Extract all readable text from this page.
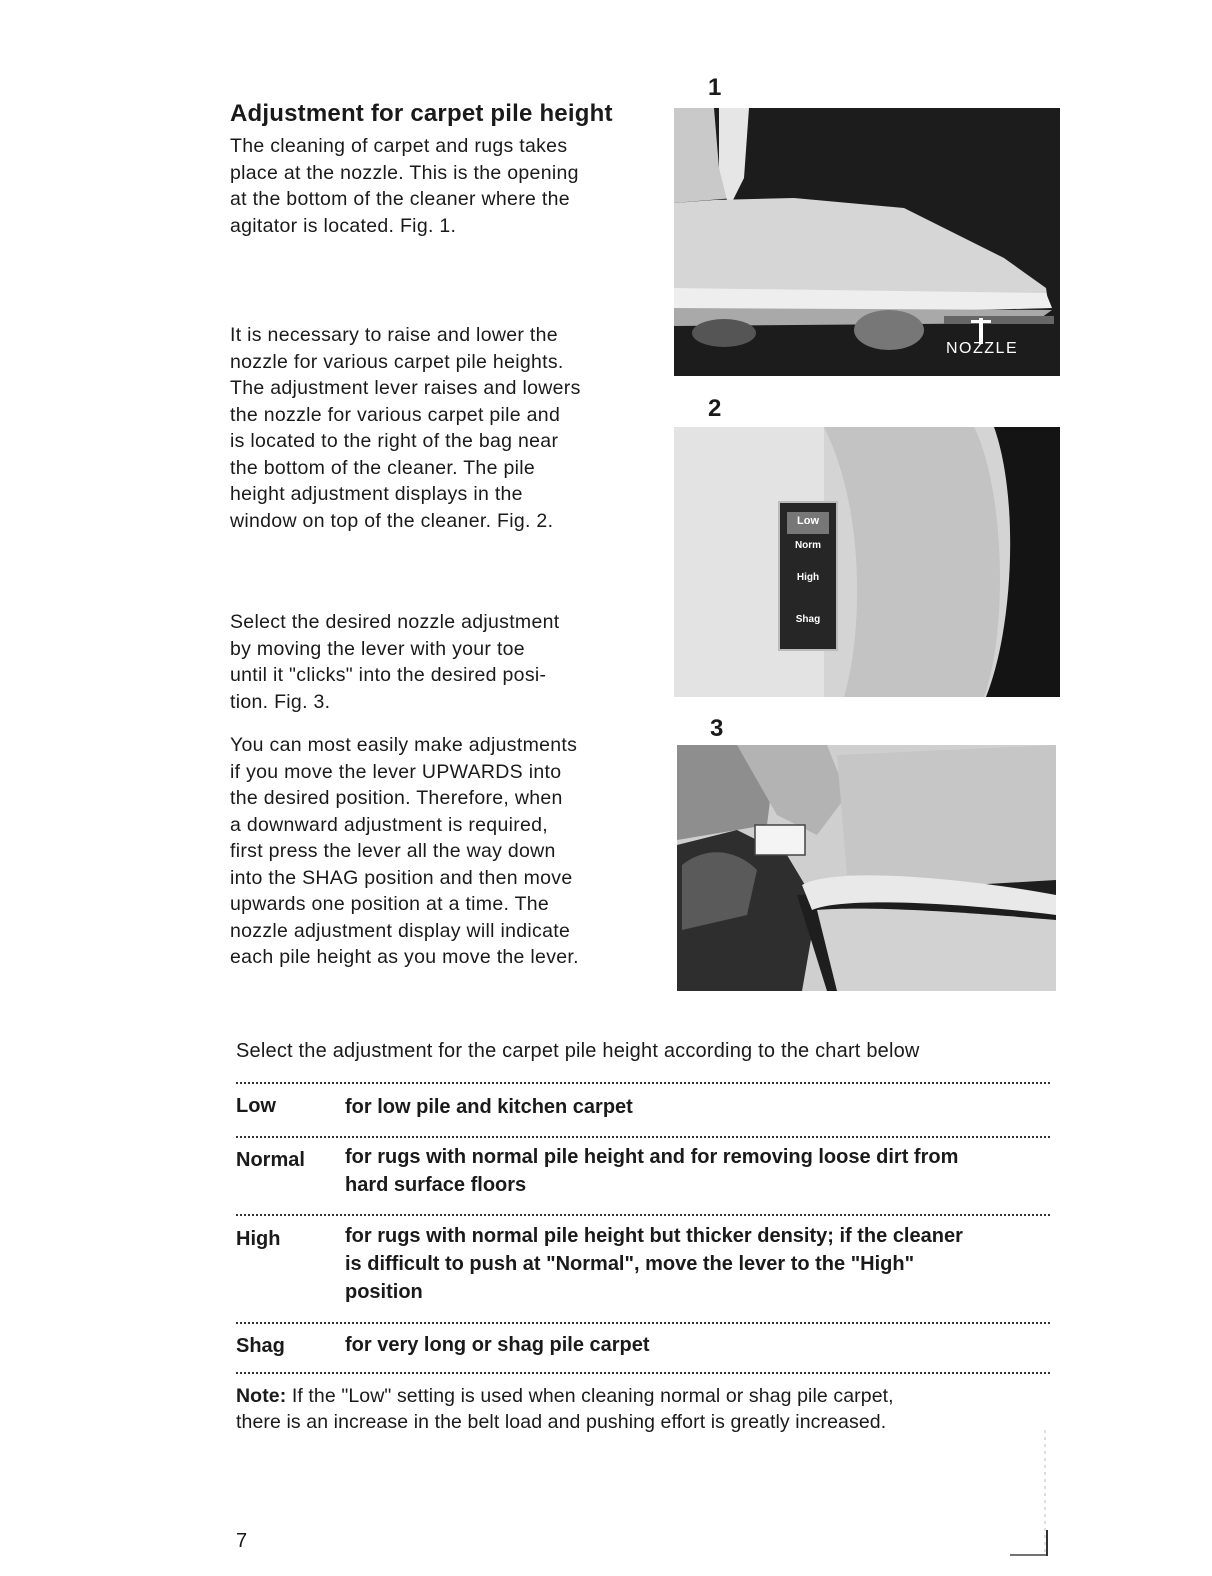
Adjustment for carpet pile height
The cleaning of carpet and rugs takes
place at the nozzle. This is the opening
at the bottom of the cleaner where the
agitator is located. Fig. 1.
It is necessary to raise and lower the
nozzle for various carpet pile heights.
The adjustment lever raises and lowers
the nozzle for various carpet pile and
is located to the right of the bag near
the bottom of the cleaner. The pile
height adjustment displays in the
window on top of the cleaner. Fig. 2.
Select the desired nozzle adjustment
by moving the lever with your toe
until it "clicks" into the desired posi-
tion. Fig. 3.
You can most easily make adjustments
if you move the lever UPWARDS into
the desired position. Therefore, when
a downward adjustment is required,
first press the lever all the way down
into the SHAG position and then move
upwards one position at a time. The
nozzle adjustment display will indicate
each pile height as you move the lever.
1
NOZZLE
2
Low
Norm
High
Shag
3
Select the adjustment for the carpet pile height according to the chart below
Low	for low pile and kitchen carpet
Normal for rugs with normal pile height and for removing loose dirt from
hard surface floors
High	for rugs with normal pile height but thicker density; if the cleaner
is difficult to push at "Normal", move the lever to the "High"
position
Shag	for very long or shag pile carpet
Note: If the "Low" setting is used when cleaning normal or shag pile carpet,
there is an increase in the belt load and pushing effort is greatly increased.
7
